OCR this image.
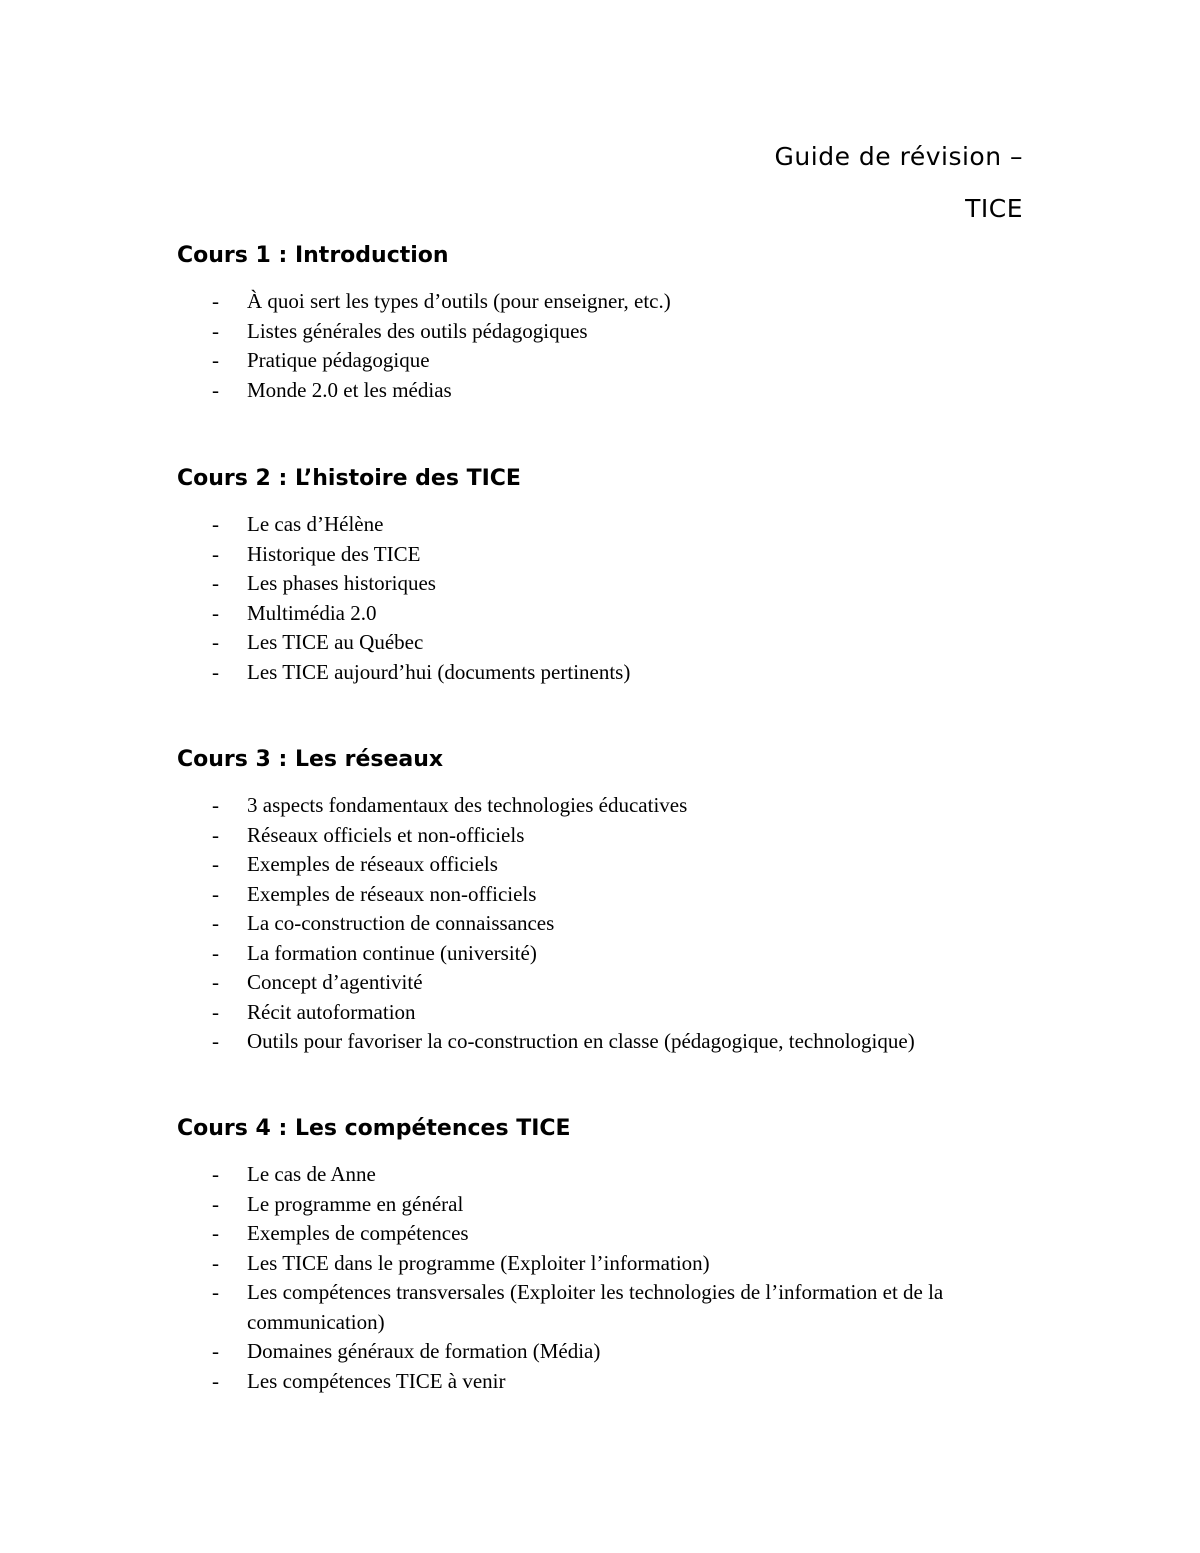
Guide de révision –
TICE
Cours 1 : Introduction
- À quoi sert les types d’outils (pour enseigner, etc.)
- Listes générales des outils pédagogiques
- Pratique pédagogique
- Monde 2.0 et les médias
Cours 2 : L’histoire des TICE
- Le cas d’Hélène
- Historique des TICE
- Les phases historiques
- Multimédia 2.0
- Les TICE au Québec
- Les TICE aujourd’hui (documents pertinents)
Cours 3 : Les réseaux
- 3 aspects fondamentaux des technologies éducatives
- Réseaux officiels et non-officiels
- Exemples de réseaux officiels
- Exemples de réseaux non-officiels
- La co-construction de connaissances
- La formation continue (université)
- Concept d’agentivité
- Récit autoformation
- Outils pour favoriser la co-construction en classe (pédagogique, technologique)
Cours 4 : Les compétences TICE
- Le cas de Anne
- Le programme en général
- Exemples de compétences
- Les TICE dans le programme (Exploiter l’information)
- Les compétences transversales (Exploiter les technologies de l’information et de la communication)
- Domaines généraux de formation (Média)
- Les compétences TICE à venir
